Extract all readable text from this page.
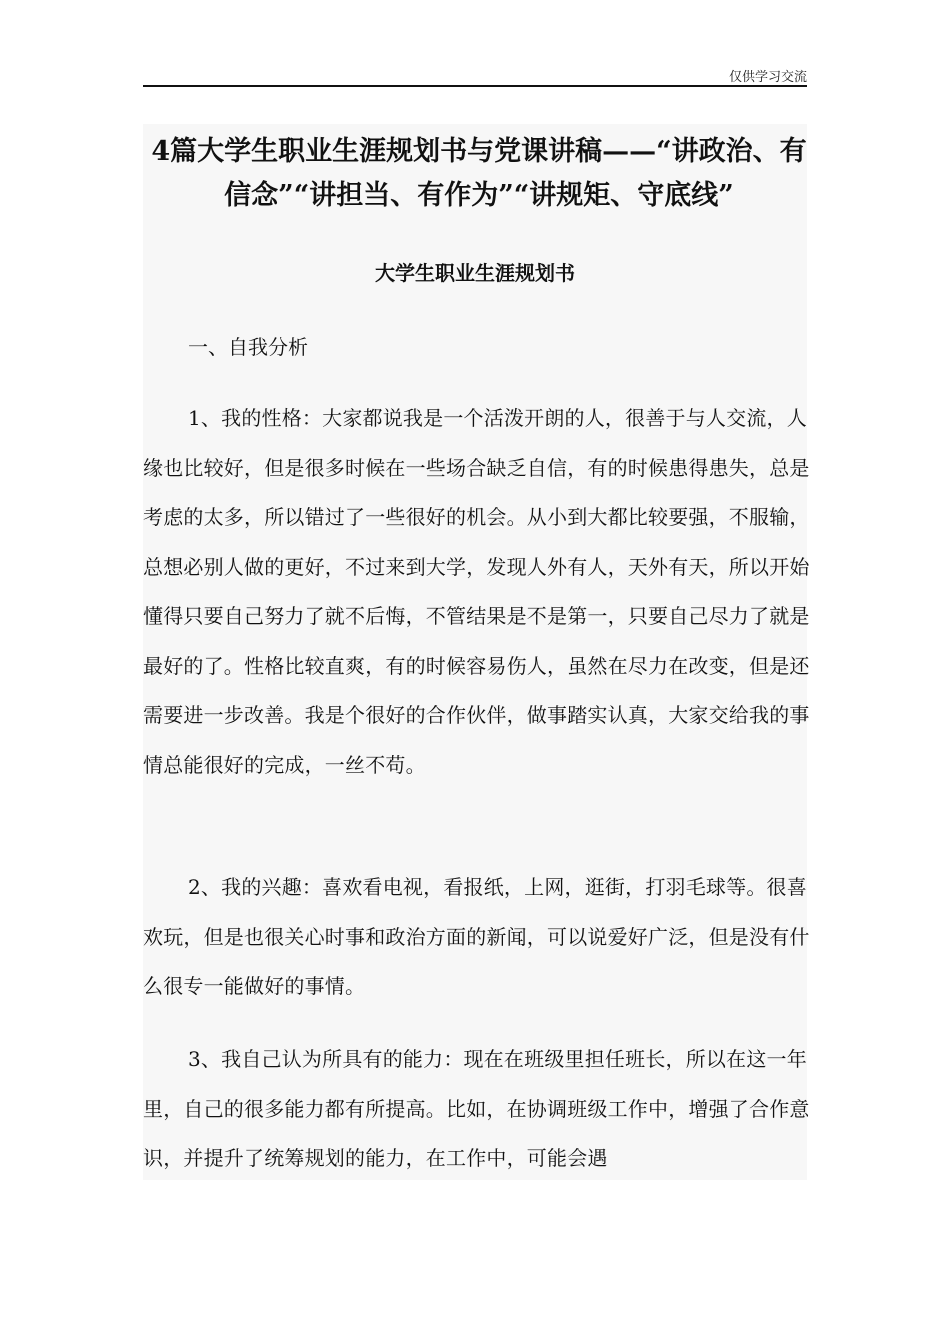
仅供学习交流
4篇大学生职业生涯规划书与党课讲稿——“讲政治、有信念”“讲担当、有作为”“讲规矩、守底线”
大学生职业生涯规划书

一、自我分析

1、我的性格：大家都说我是一个活泼开朗的人，很善于与人交流，人缘也比较好，但是很多时候在一些场合缺乏自信，有的时候患得患失，总是考虑的太多，所以错过了一些很好的机会。从小到大都比较要强，不服输，总想必别人做的更好，不过来到大学，发现人外有人，天外有天，所以开始懂得只要自己努力了就不后悔，不管结果是不是第一，只要自己尽力了就是最好的了。性格比较直爽，有的时候容易伤人，虽然在尽力在改变，但是还需要进一步改善。我是个很好的合作伙伴，做事踏实认真，大家交给我的事情总能很好的完成，一丝不苟。

2、我的兴趣：喜欢看电视，看报纸，上网，逛街，打羽毛球等。很喜欢玩，但是也很关心时事和政治方面的新闻，可以说爱好广泛，但是没有什么很专一能做好的事情。

3、我自己认为所具有的能力：现在在班级里担任班长，所以在这一年里，自己的很多能力都有所提高。比如，在协调班级工作中，增强了合作意识，并提升了统筹规划的能力，在工作中，可能会遇
